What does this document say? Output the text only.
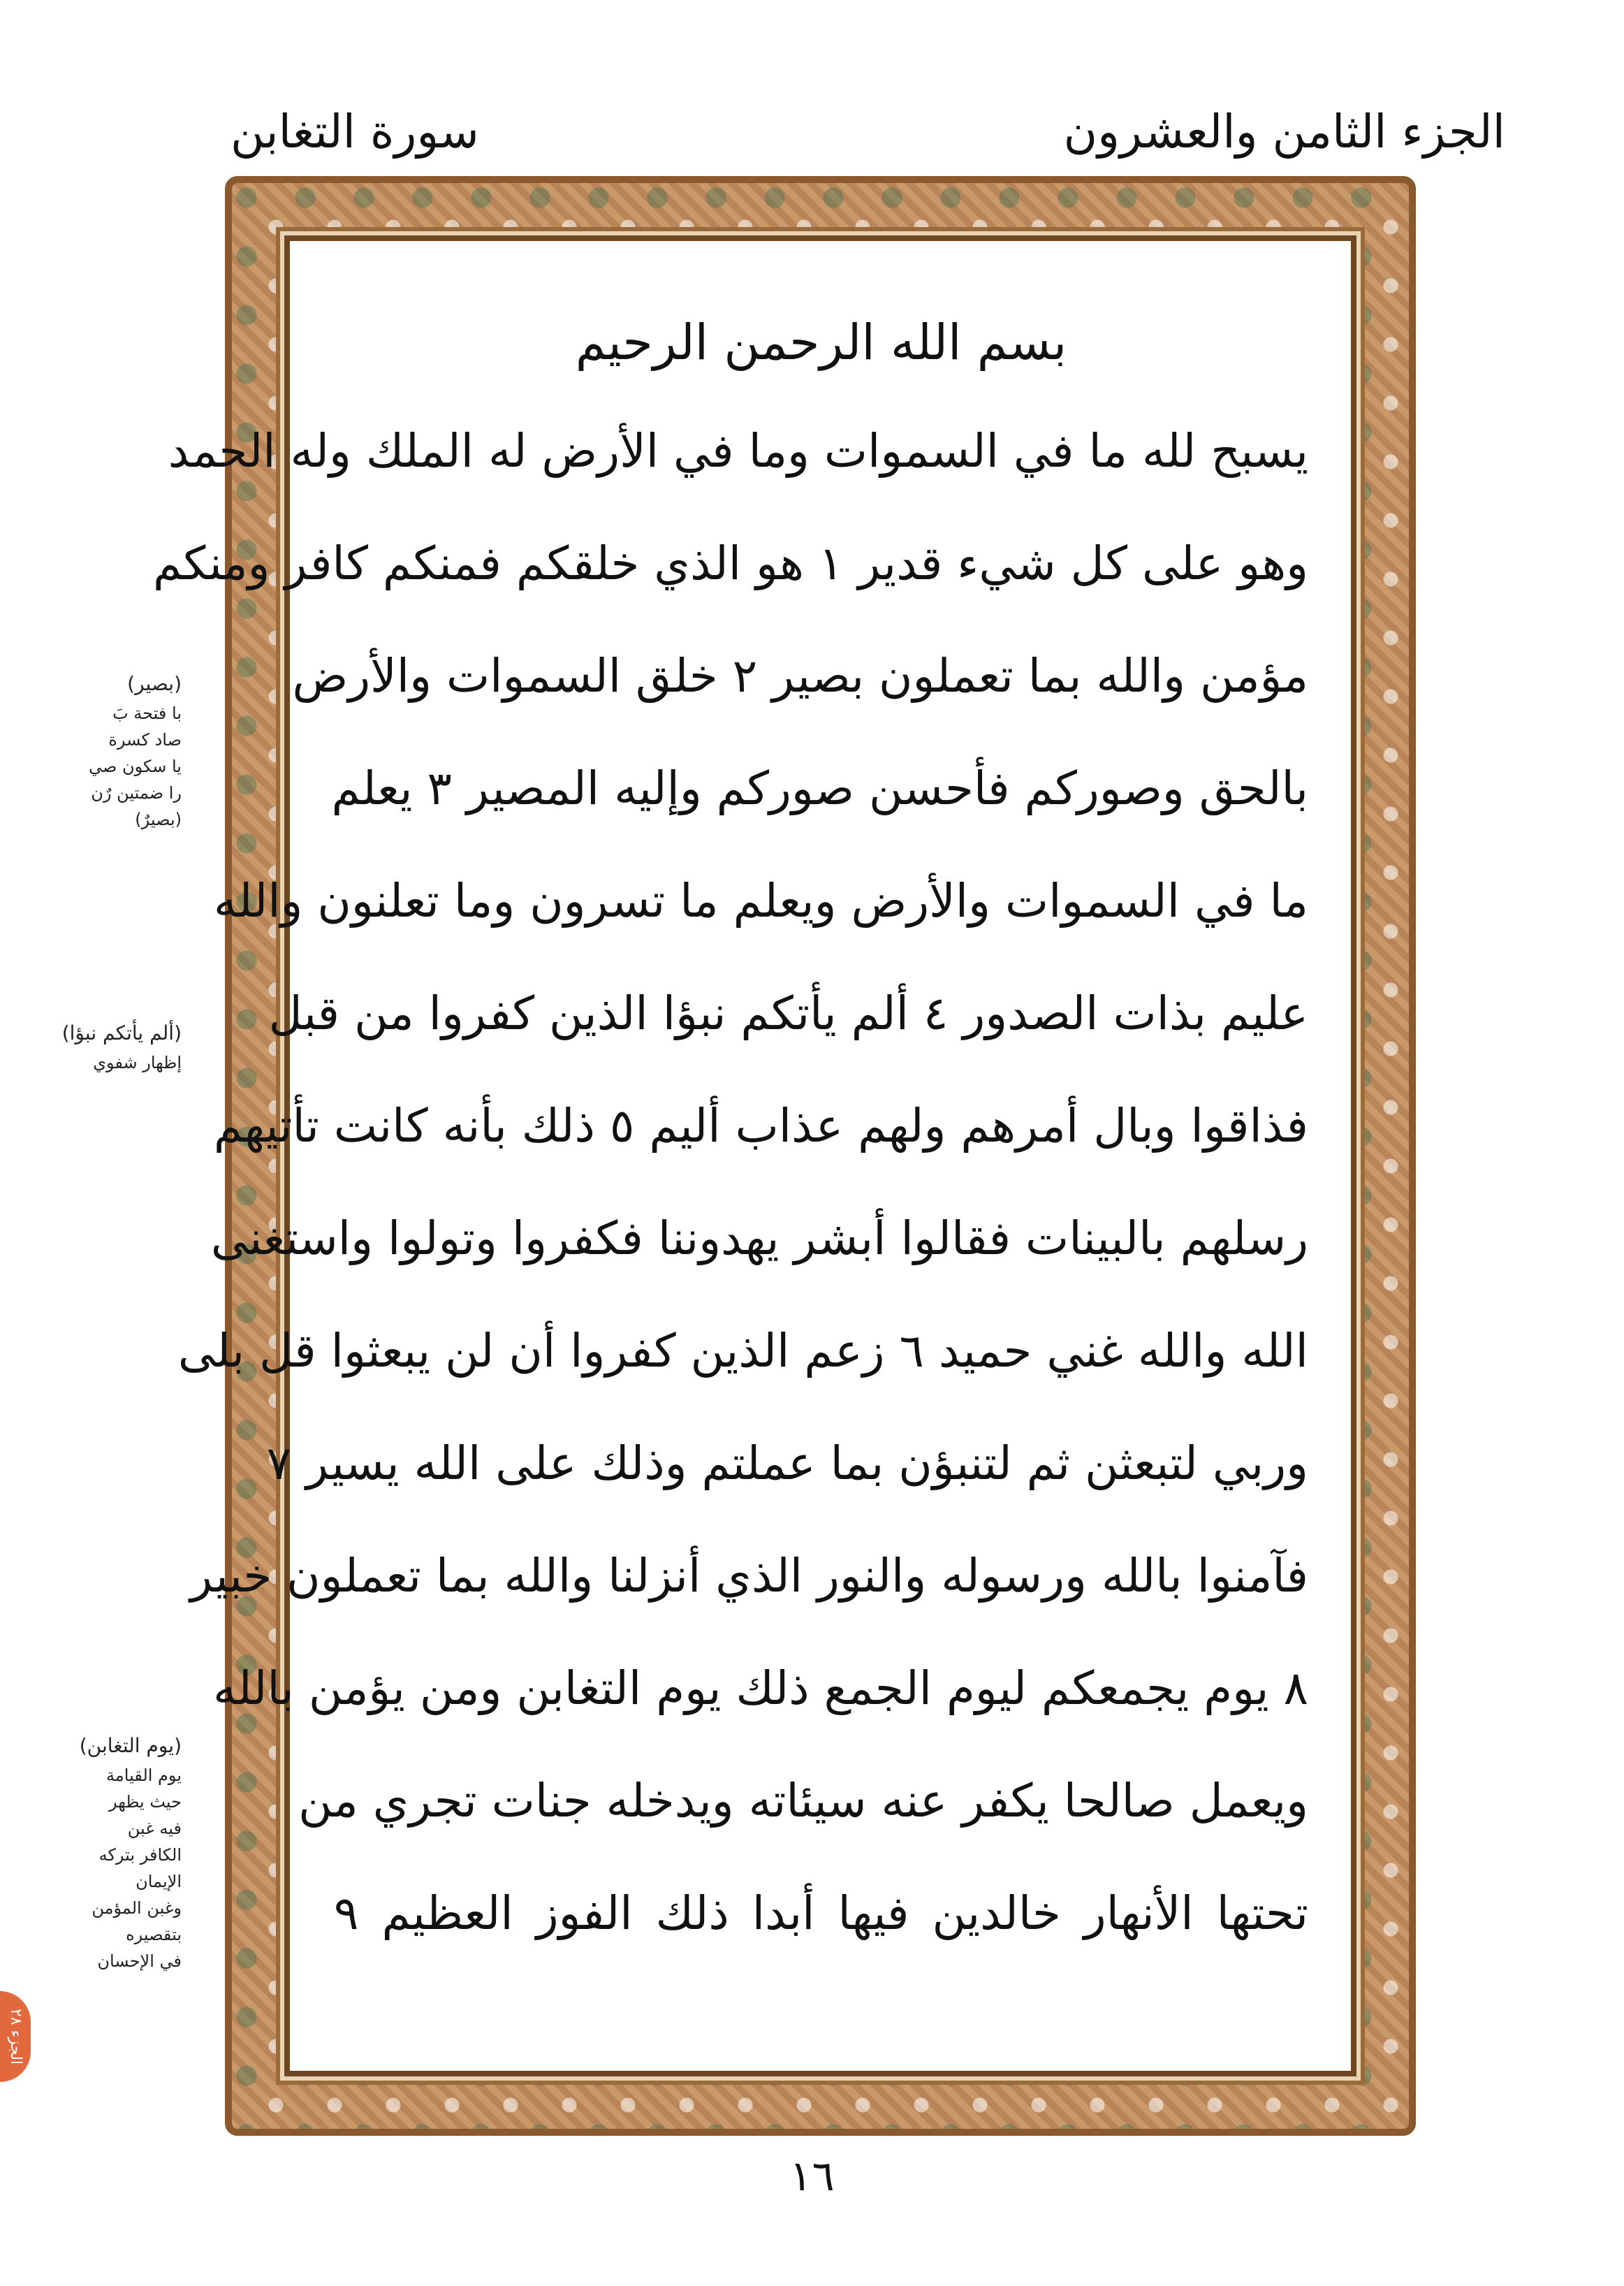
الجزء الثامن والعشرون
سورة التغابن
بسم الله الرحمن الرحيم
يسبح لله ما في السموات وما في الأرض له الملك وله الحمد
وهو على كل شيء قدير ١ هو الذي خلقكم فمنكم كافر ومنكم
مؤمن والله بما تعملون بصير ٢ خلق السموات والأرض
بالحق وصوركم فأحسن صوركم وإليه المصير ٣ يعلم
ما في السموات والأرض ويعلم ما تسرون وما تعلنون والله
عليم بذات الصدور ٤ ألم يأتكم نبؤا الذين كفروا من قبل
فذاقوا وبال أمرهم ولهم عذاب أليم ٥ ذلك بأنه كانت تأتيهم
رسلهم بالبينات فقالوا أبشر يهدوننا فكفروا وتولوا واستغنى
الله والله غني حميد ٦ زعم الذين كفروا أن لن يبعثوا قل بلى
وربي لتبعثن ثم لتنبؤن بما عملتم وذلك على الله يسير ٧
فآمنوا بالله ورسوله والنور الذي أنزلنا والله بما تعملون خبير
٨ يوم يجمعكم ليوم الجمع ذلك يوم التغابن ومن يؤمن بالله
ويعمل صالحا يكفر عنه سيئاته ويدخله جنات تجري من
تحتها الأنهار خالدين فيها أبدا ذلك الفوز العظيم ٩
(بصير)
با فتحة بَ
صاد كسرة
يا سكون صي
را ضمتين رٌن
(بصيرٌ)
(ألم يأتكم نبؤا)
إظهار شفوي
(يوم التغابن)
يوم القيامة
حيث يظهر
فيه غبن
الكافر بتركه
الإيمان
وغبن المؤمن
بتقصيره
في الإحسان
الجزء ٢٨
١٦
